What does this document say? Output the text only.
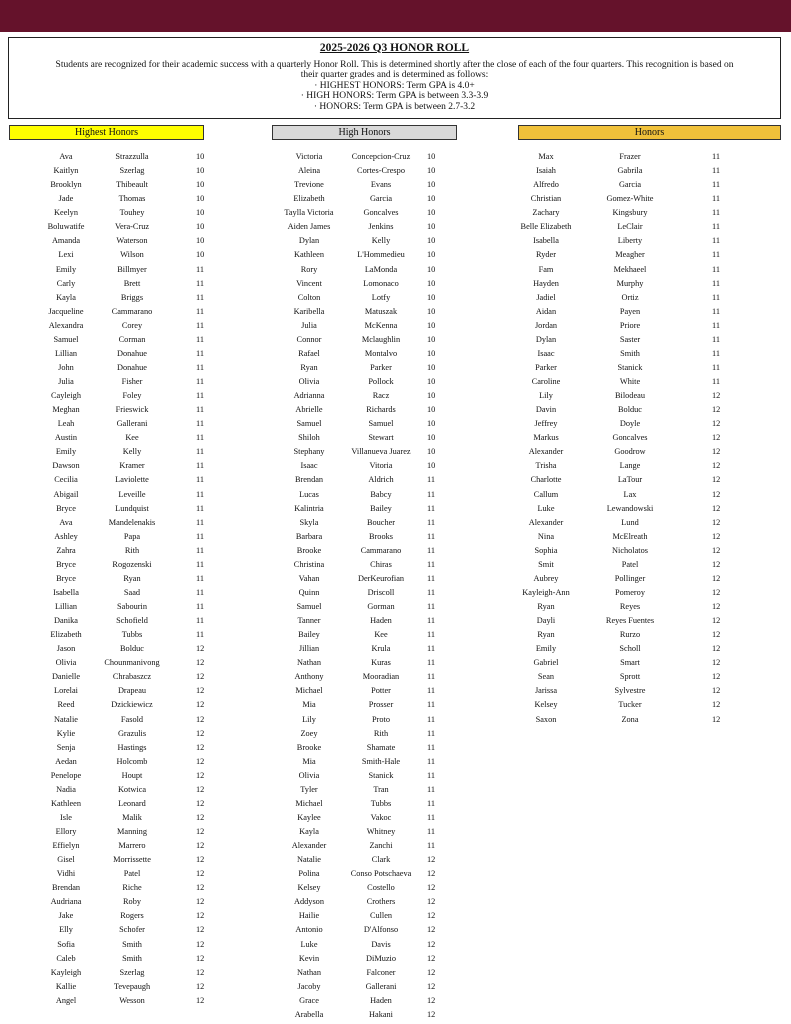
2025-2026 Q3 HONOR ROLL
Students are recognized for their academic success with a quarterly Honor Roll. This is determined shortly after the close of each of the four quarters. This recognition is based on their quarter grades and is determined as follows:
· HIGHEST HONORS: Term GPA is 4.0+
· HIGH HONORS: Term GPA is between 3.3-3.9
· HONORS: Term GPA is between 2.7-3.2
Highest Honors	High Honors	Honors
Ava	Strazzulla	10
Kaitlyn	Szerlag	10
Brooklyn	Thibeault	10
Jade	Thomas	10
Keelyn	Touhey	10
Boluwatife	Vera-Cruz	10
Amanda	Waterson	10
Lexi	Wilson	10
Emily	Billmyer	11
Carly	Brett	11
Kayla	Briggs	11
Jacqueline	Cammarano	11
Alexandra	Corey	11
Samuel	Corman	11
Lillian	Donahue	11
John	Donahue	11
Julia	Fisher	11
Cayleigh	Foley	11
Meghan	Frieswick	11
Leah	Gallerani	11
Austin	Kee	11
Emily	Kelly	11
Dawson	Kramer	11
Cecilia	Laviolette	11
Abigail	Leveille	11
Bryce	Lundquist	11
Ava	Mandelenakis	11
Ashley	Papa	11
Zahra	Rith	11
Bryce	Rogozenski	11
Bryce	Ryan	11
Isabella	Saad	11
Lillian	Sabourin	11
Danika	Schofield	11
Elizabeth	Tubbs	11
Jason	Bolduc	12
Olivia	Chounmanivong	12
Danielle	Chrabaszcz	12
Lorelai	Drapeau	12
Reed	Dzickiewicz	12
Natalie	Fasold	12
Kylie	Grazulis	12
Senja	Hastings	12
Aedan	Holcomb	12
Penelope	Houpt	12
Nadia	Kotwica	12
Kathleen	Leonard	12
Isle	Malik	12
Ellory	Manning	12
Effielyn	Marrero	12
Gisel	Morrissette	12
Vidhi	Patel	12
Brendan	Riche	12
Audriana	Roby	12
Jake	Rogers	12
Elly	Schofer	12
Sofia	Smith	12
Caleb	Smith	12
Kayleigh	Szerlag	12
Kallie	Tevepaugh	12
Angel	Wesson	12
Victoria	Concepcion-Cruz 10
Aleina	Cortes-Crespo	10
Trevione	Evans	10
Elizabeth	Garcia	10
Taylla Victoria	Goncalves	10
Aiden James	Jenkins	10
Dylan	Kelly	10
Kathleen	L'Hommedieu	10
Rory	LaMonda	10
Vincent	Lomonaco	10
Colton	Lotfy	10
Karibella	Matuszak	10
Julia	McKenna	10
Connor	Mclaughlin	10
Rafael	Montalvo	10
Ryan	Parker	10
Olivia	Pollock	10
Adrianna	Racz	10
Abrielle	Richards	10
Samuel	Samuel	10
Shiloh	Stewart	10
Stephany	Villanueva Juarez 10
Isaac	Vitoria	10
Brendan	Aldrich	11
Lucas	Babcy	11
Kalintria	Bailey	11
Skyla	Boucher	11
Barbara	Brooks	11
Brooke	Cammarano	11
Christina	Chiras	11
Vahan	DerKeurofian	11
Quinn	Driscoll	11
Samuel	Gorman	11
Tanner	Haden	11
Bailey	Kee	11
Jillian	Krula	11
Nathan	Kuras	11
Anthony	Mooradian	11
Michael	Potter	11
Mia	Prosser	11
Lily	Proto	11
Zoey	Rith	11
Brooke	Shamate	11
Mia	Smith-Hale	11
Olivia	Stanick	11
Tyler	Tran	11
Michael	Tubbs	11
Kaylee	Vakoc	11
Kayla	Whitney	11
Alexander	Zanchi	11
Natalie	Clark	12
Polina	Conso Potschaeva 12
Kelsey	Costello	12
Addyson	Crothers	12
Hailie	Cullen	12
Antonio	D'Alfonso	12
Luke	Davis	12
Kevin	DiMuzio	12
Nathan	Falconer	12
Jacoby	Gallerani	12
Grace	Haden	12
Arabella	Hakani	12
Max	Frazer	11
Isaiah	Gabrila	11
Alfredo	Garcia	11
Christian	Gomez-White	11
Zachary	Kingsbury	11
Belle Elizabeth	LeClair	11
Isabella	Liberty	11
Ryder	Meagher	11
Fam	Mekhaeel	11
Hayden	Murphy	11
Jadiel	Ortiz	11
Aidan	Payen	11
Jordan	Priore	11
Dylan	Saster	11
Isaac	Smith	11
Parker	Stanick	11
Caroline	White	11
Lily	Bilodeau	12
Davin	Bolduc	12
Jeffrey	Doyle	12
Markus	Goncalves	12
Alexander	Goodrow	12
Trisha	Lange	12
Charlotte	LaTour	12
Callum	Lax	12
Luke	Lewandowski	12
Alexander	Lund	12
Nina	McElreath	12
Sophia	Nicholatos	12
Smit	Patel	12
Aubrey	Pollinger	12
Kayleigh-Ann	Pomeroy	12
Ryan	Reyes	12
Dayli	Reyes Fuentes	12
Ryan	Rurzo	12
Emily	Scholl	12
Gabriel	Smart	12
Sean	Sprott	12
Jarissa	Sylvestre	12
Kelsey	Tucker	12
Saxon	Zona	12
